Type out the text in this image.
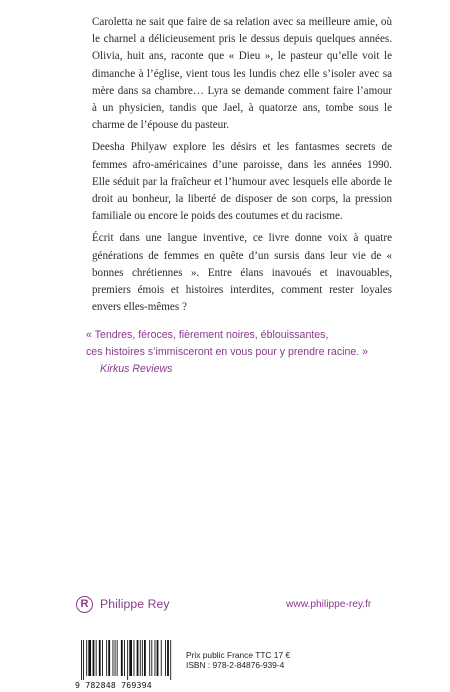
Caroletta ne sait que faire de sa relation avec sa meilleure amie, où le charnel a délicieusement pris le dessus depuis quelques années. Olivia, huit ans, raconte que « Dieu », le pasteur qu’elle voit le dimanche à l’église, vient tous les lundis chez elle s’isoler avec sa mère dans sa chambre… Lyra se demande comment faire l’amour à un physicien, tandis que Jael, à quatorze ans, tombe sous le charme de l’épouse du pasteur.

Deesha Philyaw explore les désirs et les fantasmes secrets de femmes afro-américaines d’une paroisse, dans les années 1990. Elle séduit par la fraîcheur et l’humour avec lesquels elle aborde le droit au bonheur, la liberté de disposer de son corps, la pression familiale ou encore le poids des coutumes et du racisme.

Écrit dans une langue inventive, ce livre donne voix à quatre générations de femmes en quête d’un sursis dans leur vie de « bonnes chrétiennes ». Entre élans inavoués et inavouables, premiers émois et histoires interdites, comment rester loyales envers elles-mêmes ?

« Tendres, féroces, fièrement noires, éblouissantes,
ces histoires s’immisceront en vous pour y prendre racine. »
Kirkus Reviews
R Philippe Rey	www.philippe-rey.fr
9 782848 769394
Prix public France TTC 17 €
ISBN : 978-2-84876-939-4
